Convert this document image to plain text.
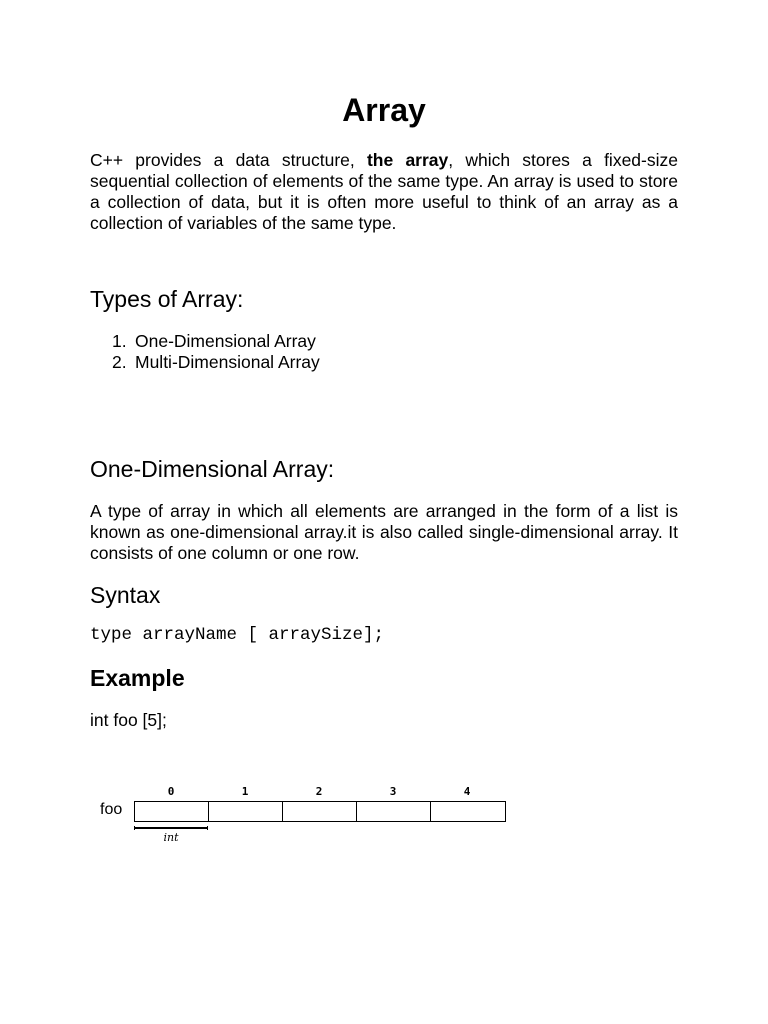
Array

C++ provides a data structure, the array, which stores a fixed-size sequential collection of elements of the same type. An array is used to store a collection of data, but it is often more useful to think of an array as a collection of variables of the same type.

Types of Array:
1. One-Dimensional Array
2. Multi-Dimensional Array
One-Dimensional Array:

A type of array in which all elements are arranged in the form of a list is known as one-dimensional array.it is also called single-dimensional array. It consists of one column or one row.

Syntax
type arrayName [ arraySize];
Example

int foo [5];

foo
0	1	2	3	4
int
